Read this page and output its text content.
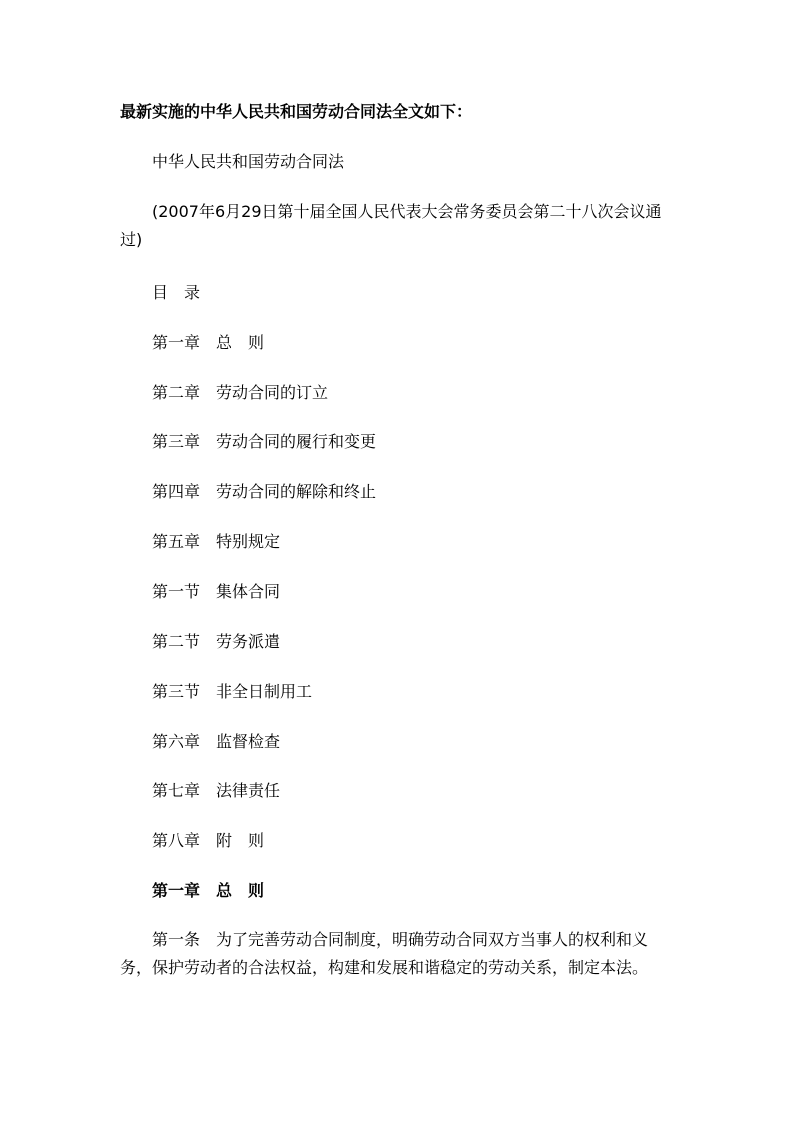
最新实施的中华人民共和国劳动合同法全文如下：
中华人民共和国劳动合同法
(2007年6月29日第十届全国人民代表大会常务委员会第二十八次会议通过)
目　录
第一章 总　则
第二章 劳动合同的订立
第三章 劳动合同的履行和变更
第四章 劳动合同的解除和终止
第五章 特别规定
第一节 集体合同
第二节 劳务派遣
第三节 非全日制用工
第六章 监督检查
第七章 法律责任
第八章 附　则
第一章 总　则
第一条 为了完善劳动合同制度，明确劳动合同双方当事人的权利和义务，保护劳动者的合法权益，构建和发展和谐稳定的劳动关系，制定本法。
